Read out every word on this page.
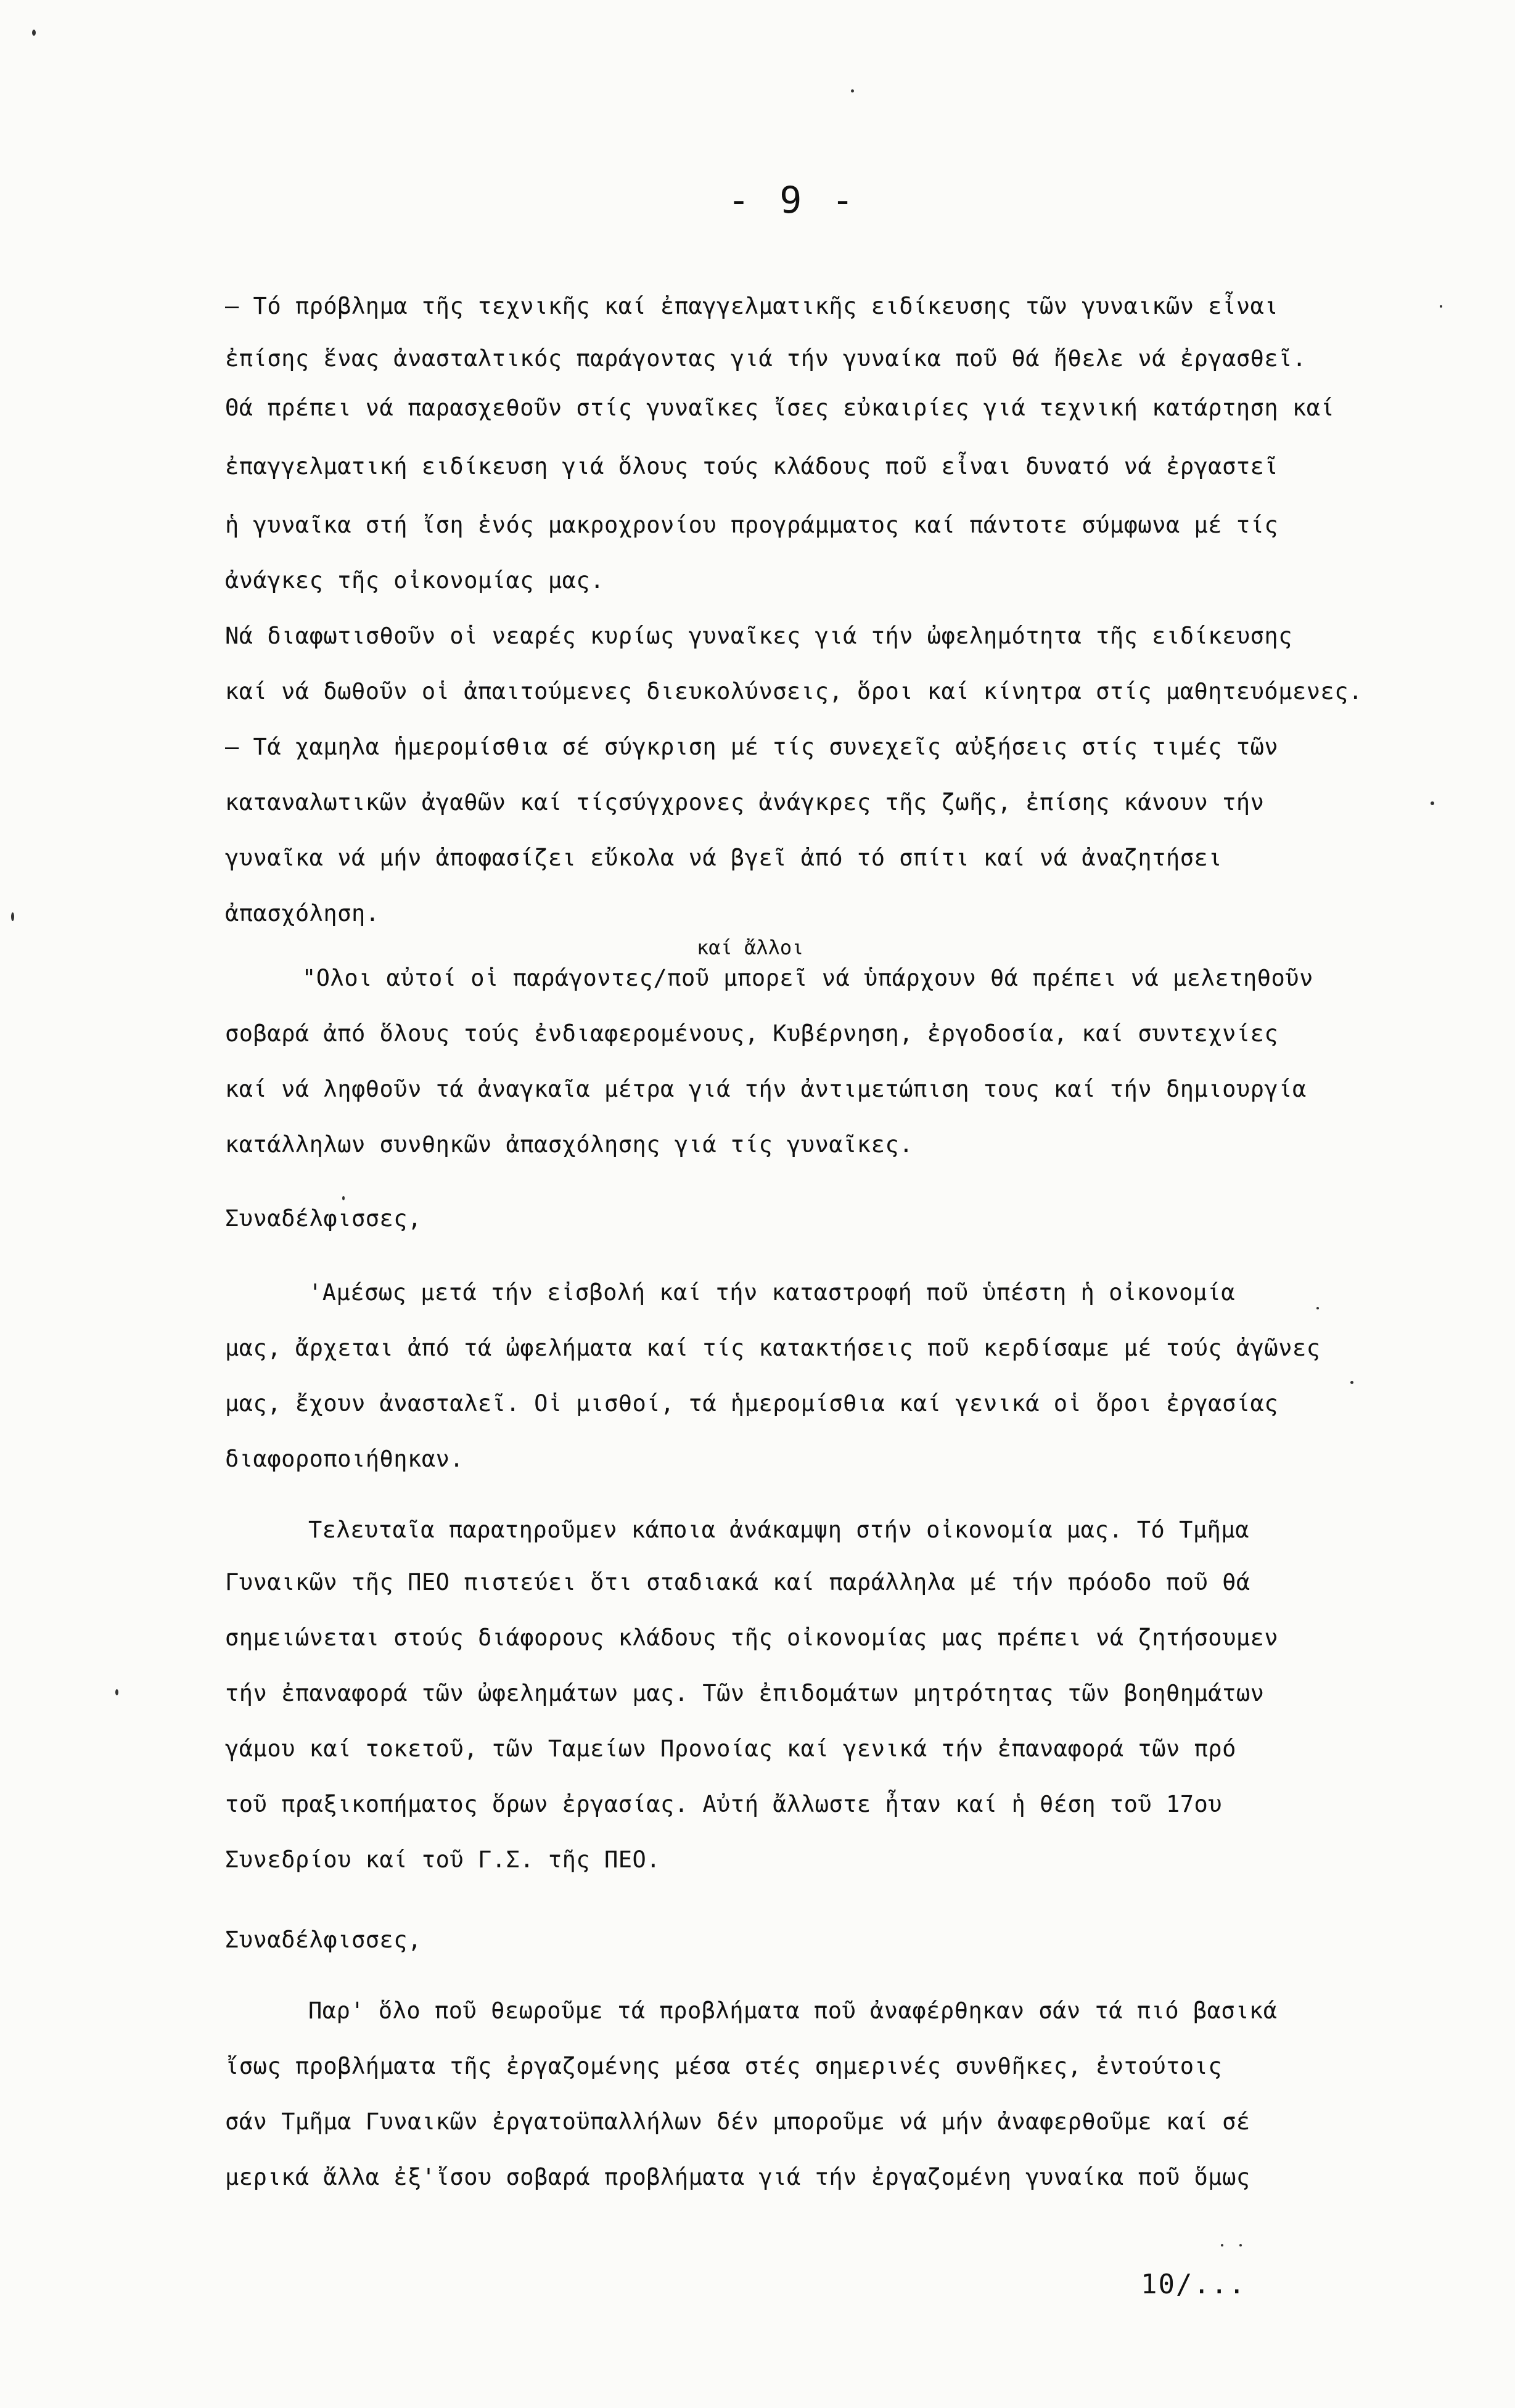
- 9 -
– Τό πρόβλημα τῆς τεχνικῆς καί ἐπαγγελματικῆς ειδίκευσης τῶν γυναικῶν εἶναι
ἐπίσης ἕνας ἀνασταλτικός παράγοντας γιά τήν γυναίκα ποῦ θά ἤθελε νά ἐργασθεῖ.
Θά πρέπει νά παρασχεθοῦν στίς γυναῖκες ἴσες εὐκαιρίες γιά τεχνική κατάρτηση καί
ἐπαγγελματική ειδίκευση γιά ὅλους τούς κλάδους ποῦ εἶναι δυνατό νά ἐργαστεῖ
ἡ γυναῖκα στή ἴση ἑνός μακροχρονίου προγράμματος καί πάντοτε σύμφωνα μέ τίς
ἀνάγκες τῆς οἰκονομίας μας.
Νά διαφωτισθοῦν οἱ νεαρές κυρίως γυναῖκες γιά τήν ὠφελημότητα τῆς ειδίκευσης
καί νά δωθοῦν οἱ ἀπαιτούμενες διευκολύνσεις, ὅροι καί κίνητρα στίς μαθητευόμενες.
– Τά χαμηλα ἡμερομίσθια σέ σύγκριση μέ τίς συνεχεῖς αὐξήσεις στίς τιμές τῶν
καταναλωτικῶν ἀγαθῶν καί τίςσύγχρονες ἀνάγκρες τῆς ζωῆς, ἐπίσης κάνουν τήν
γυναῖκα νά μήν ἀποφασίζει εὔκολα νά βγεῖ ἀπό τό σπίτι καί νά ἀναζητήσει
ἀπασχόληση.
καί ἄλλοι
"Ολοι αὐτοί οἱ παράγοντες/ποῦ μπορεῖ νά ὑπάρχουν θά πρέπει νά μελετηθοῦν
σοβαρά ἀπό ὅλους τούς ἐνδιαφερομένους, Κυβέρνηση, ἐργοδοσία, καί συντεχνίες
καί νά ληφθοῦν τά ἀναγκαῖα μέτρα γιά τήν ἀντιμετώπιση τους καί τήν δημιουργία
κατάλληλων συνθηκῶν ἀπασχόλησης γιά τίς γυναῖκες.
Συναδέλφισσες,
'Αμέσως μετά τήν εἰσβολή καί τήν καταστροφή ποῦ ὑπέστη ἡ οἰκονομία
μας, ἄρχεται ἀπό τά ὠφελήματα καί τίς κατακτήσεις ποῦ κερδίσαμε μέ τούς ἀγῶνες
μας, ἔχουν ἀνασταλεῖ. Οἱ μισθοί, τά ἡμερομίσθια καί γενικά οἱ ὅροι ἐργασίας
διαφοροποιήθηκαν.
Τελευταῖα παρατηροῦμεν κάποια ἀνάκαμψη στήν οἰκονομία μας. Τό Τμῆμα
Γυναικῶν τῆς ΠΕΟ πιστεύει ὅτι σταδιακά καί παράλληλα μέ τήν πρόοδο ποῦ θά
σημειώνεται στούς διάφορους κλάδους τῆς οἰκονομίας μας πρέπει νά ζητήσουμεν
τήν ἐπαναφορά τῶν ὠφελημάτων μας. Τῶν ἐπιδομάτων μητρότητας τῶν βοηθημάτων
γάμου καί τοκετοῦ, τῶν Ταμείων Προνοίας καί γενικά τήν ἐπαναφορά τῶν πρό
τοῦ πραξικοπήματος ὅρων ἐργασίας. Αὐτή ἄλλωστε ἦταν καί ἡ θέση τοῦ 17ου
Συνεδρίου καί τοῦ Γ.Σ. τῆς ΠΕΟ.
Συναδέλφισσες,
Παρ' ὅλο ποῦ θεωροῦμε τά προβλήματα ποῦ ἀναφέρθηκαν σάν τά πιό βασικά
ἴσως προβλήματα τῆς ἐργαζομένης μέσα στές σημερινές συνθῆκες, ἐντούτοις
σάν Τμῆμα Γυναικῶν ἐργατοϋπαλλήλων δέν μποροῦμε νά μήν ἀναφερθοῦμε καί σέ
μερικά ἄλλα ἐξ'ἴσου σοβαρά προβλήματα γιά τήν ἐργαζομένη γυναίκα ποῦ ὅμως
10/...
